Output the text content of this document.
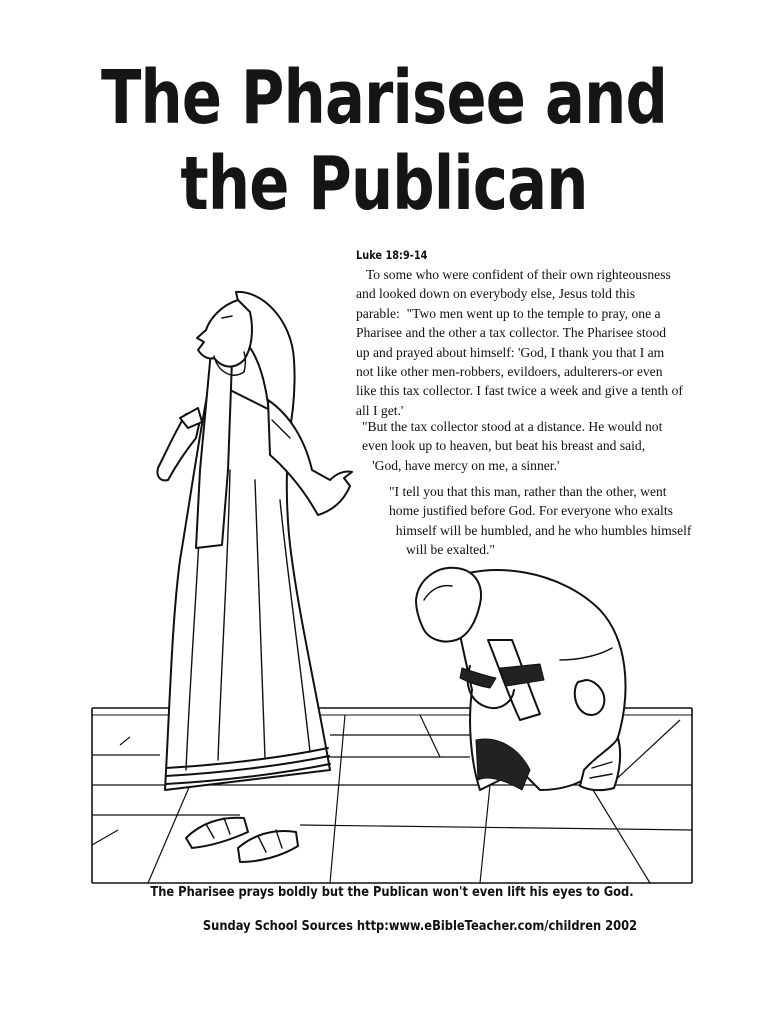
The Pharisee and
the Publican
Luke 18:9-14

To some who were confident of their own righteousness
and looked down on everybody else, Jesus told this
parable:  "Two men went up to the temple to pray, one a
Pharisee and the other a tax collector. The Pharisee stood
up and prayed about himself: 'God, I thank you that I am
not like other men-robbers, evildoers, adulterers-or even
like this tax collector. I fast twice a week and give a tenth of
all I get.'

"But the tax collector stood at a distance. He would not
even look up to heaven, but beat his breast and said,
'God, have mercy on me, a sinner.'

"I tell you that this man, rather than the other, went
home justified before God. For everyone who exalts
himself will be humbled, and he who humbles himself
will be exalted."

The Pharisee prays boldly but the Publican won't even lift his eyes to God.
Sunday School Sources http:www.eBibleTeacher.com/children 2002
